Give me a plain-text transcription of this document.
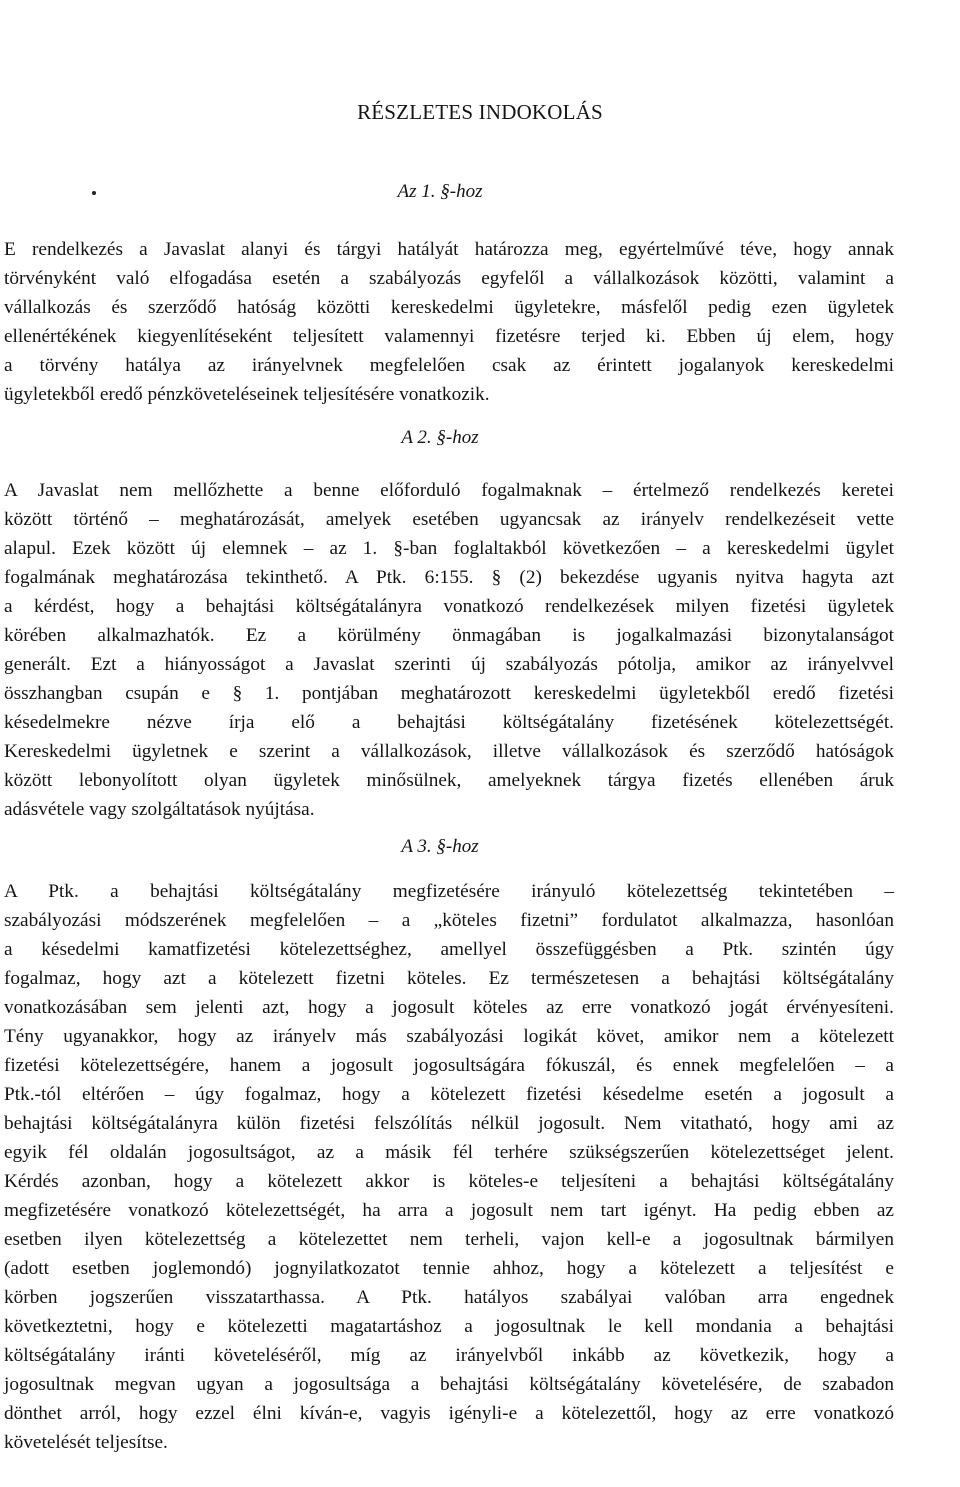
RÉSZLETES INDOKOLÁS
Az 1. §-hoz

E rendelkezés a Javaslat alanyi és tárgyi hatályát határozza meg, egyértelművé téve, hogy annak
törvényként való elfogadása esetén a szabályozás egyfelől a vállalkozások közötti, valamint a
vállalkozás és szerződő hatóság közötti kereskedelmi ügyletekre, másfelől pedig ezen ügyletek
ellenértékének kiegyenlítéseként teljesített valamennyi fizetésre terjed ki. Ebben új elem, hogy
a törvény hatálya az irányelvnek megfelelően csak az érintett jogalanyok kereskedelmi
ügyletekből eredő pénzköveteléseinek teljesítésére vonatkozik.

A 2. §-hoz

A Javaslat nem mellőzhette a benne előforduló fogalmaknak – értelmező rendelkezés keretei
között történő – meghatározását, amelyek esetében ugyancsak az irányelv rendelkezéseit vette
alapul. Ezek között új elemnek – az 1. §-ban foglaltakból következően – a kereskedelmi ügylet
fogalmának meghatározása tekinthető. A Ptk. 6:155. § (2) bekezdése ugyanis nyitva hagyta azt
a kérdést, hogy a behajtási költségátalányra vonatkozó rendelkezések milyen fizetési ügyletek
körében alkalmazhatók. Ez a körülmény önmagában is jogalkalmazási bizonytalanságot
generált. Ezt a hiányosságot a Javaslat szerinti új szabályozás pótolja, amikor az irányelvvel
összhangban csupán e § 1. pontjában meghatározott kereskedelmi ügyletekből eredő fizetési
késedelmekre nézve írja elő a behajtási költségátalány fizetésének kötelezettségét.
Kereskedelmi ügyletnek e szerint a vállalkozások, illetve vállalkozások és szerződő hatóságok
között lebonyolított olyan ügyletek minősülnek, amelyeknek tárgya fizetés ellenében áruk
adásvétele vagy szolgáltatások nyújtása.

A 3. §-hoz

A Ptk. a behajtási költségátalány megfizetésére irányuló kötelezettség tekintetében –
szabályozási módszerének megfelelően – a „köteles fizetni” fordulatot alkalmazza, hasonlóan
a késedelmi kamatfizetési kötelezettséghez, amellyel összefüggésben a Ptk. szintén úgy
fogalmaz, hogy azt a kötelezett fizetni köteles. Ez természetesen a behajtási költségátalány
vonatkozásában sem jelenti azt, hogy a jogosult köteles az erre vonatkozó jogát érvényesíteni.
Tény ugyanakkor, hogy az irányelv más szabályozási logikát követ, amikor nem a kötelezett
fizetési kötelezettségére, hanem a jogosult jogosultságára fókuszál, és ennek megfelelően – a
Ptk.-tól eltérően – úgy fogalmaz, hogy a kötelezett fizetési késedelme esetén a jogosult a
behajtási költségátalányra külön fizetési felszólítás nélkül jogosult. Nem vitatható, hogy ami az
egyik fél oldalán jogosultságot, az a másik fél terhére szükségszerűen kötelezettséget jelent.
Kérdés azonban, hogy a kötelezett akkor is köteles-e teljesíteni a behajtási költségátalány
megfizetésére vonatkozó kötelezettségét, ha arra a jogosult nem tart igényt. Ha pedig ebben az
esetben ilyen kötelezettség a kötelezettet nem terheli, vajon kell-e a jogosultnak bármilyen
(adott esetben joglemondó) jognyilatkozatot tennie ahhoz, hogy a kötelezett a teljesítést e
körben jogszerűen visszatarthassa. A Ptk. hatályos szabályai valóban arra engednek
következtetni, hogy e kötelezetti magatartáshoz a jogosultnak le kell mondania a behajtási
költségátalány iránti követeléséről, míg az irányelvből inkább az következik, hogy a
jogosultnak megvan ugyan a jogosultsága a behajtási költségátalány követelésére, de szabadon
dönthet arról, hogy ezzel élni kíván-e, vagyis igényli-e a kötelezettől, hogy az erre vonatkozó
követelését teljesítse.
